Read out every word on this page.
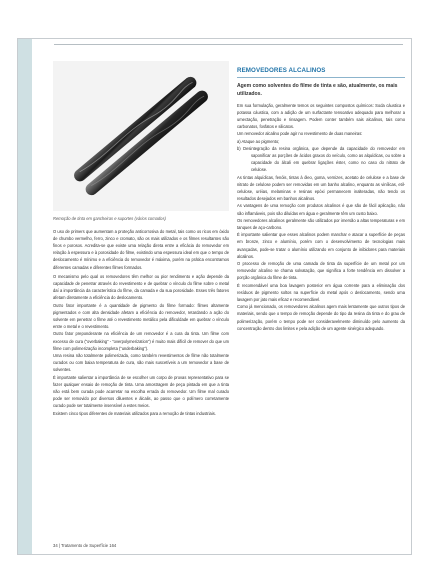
Remoção de tinta em gancheiras e suportes (vários comados)

O uso de primers que aumentam a proteção anticorrosiva do metal, tais como os ricos em óxido de chumbo vermelho, ferro, zinco e cromato, são os mais utilizados e os filmes resultantes são finos e porosos. Acredita-se que existe uma relação direta entre a eficácia do removedor em relação à espessura e à porosidade do filme, existindo uma espessura ideal em que o tempo de deslocamento é mínimo e a eficiência do removedor é máxima, porém na prática encontramos diferentes camadas e diferentes filmes formados.

O mecanismo pelo qual os removedores têm melhor ou pior rendimento e ação depende da capacidade de penetrar através do revestimento e de quebrar o vínculo do filme sobre o metal daí a importância da característica do filme, da camada e da sua porosidade. Esses três fatores afetam diretamente a eficiência do deslocamento.

Outro fator importante é a quantidade de pigmento do filme formado: filmes altamente pigmentados e com alta densidade afetam a eficiência do removedor, retardando a ação do solvente em penetrar o filme até o revestimento metálico pela dificuldade em quebrar o vínculo entre o metal e o revestimento.

Outro fator preponderante na eficiência de um removedor é a cura da tinta. Um filme com excesso de cura (“overbaking” - “overpolymerization”) é muito mais difícil de remover do que um filme com polimerização incompleta (“underbaking”).

Uma resina não totalmente polimerizada, como também revestimentos de filme não totalmente curados ou com baixa temperatura de cura, são mais suscetíveis a um removedor a base de solventes.

É importante salientar a importância de se escolher um corpo de provas representativo para se fazer qualquer ensaio de remoção de tinta. Uma amostragem de peça pintada em que a tinta não está bem curada pode acarretar na escolha errada do removedor. Um filme mal curado pode ser removido por diversos diluentes e álcalis, ao passo que o polímero corretamente curado pode ser totalmente insensível a estes meios.

Existem cinco tipos diferentes de materiais utilizados para a remoção de tintas industriais.

REMOVEDORES ALCALINOS

Agem como solventes do filme de tinta e são, atualmente, os mais utilizados.

Em sua formulação, geralmente temos os seguintes compostos químicos: Soda cáustica e potassa cáustica, com a adição de um surfactante tensoativo adequado para melhorar a umectação, penetração e rinsagem. Podem conter também sais alcalinos, tais como carbonatos, fosfatos e silicatos.

Um removedor alcalino pode agir no revestimento de duas maneiras:

a) Ataque ao pigmento;
b) Desintegração da resina orgânica, que depende da capacidade do removedor em saponificar as porções de ácidos graxos do veículo, como as alquídicas, ou sobre a capacidade do álcali em quebrar ligações éster, como no caso do nitrato de celulose.

As tintas alquídicas, fenóis, tintas à óleo, goma, vernizes, acetato de celulose e a base de nitrato de celulose podem ser removidas em um banho alcalino, enquanto as vinílicas, etil-celulose, uréias, melaminas e resinas epóxi permanecem inalteradas, não tendo os resultados desejados em banhos alcalinos.

As vantagens de uma remoção com produtos alcalinos é que são de fácil aplicação, não são inflamáveis, pois são diluídas em água e geralmente têm um custo baixo.

Os removedores alcalinos geralmente são utilizados por imersão a altas temperaturas e em tanques de aço-carbono.

É importante salientar que esses alcalinos podem manchar e atacar a superfície de peças em bronze, zinco e alumínio, porém com o desenvolvimento de tecnologias mais avançadas, pode-se tratar o alumínio utilizando em conjunto de inibidores para materiais alcalinos.

O processo de remoção de uma camada de tinta da superfície de um metal por um removedor alcalino se chama solvatação, que significa a forte tendência em dissolver a porção orgânica do filme de tinta.

É recomendável uma boa lavagem posterior em água corrente para a eliminação dos resíduos de pigmento soltos na superfície do metal após o deslocamento, sendo uma lavagem por jato mais eficaz e recomendável.

Como já mencionado, os removedores alcalinos agem mais lentamente que outros tipos de materiais, sendo que o tempo de remoção depende do tipo da resina da tinta e do grau de polimerização, porém o tempo pode ser consideravelmente diminuído pelo aumento da concentração dentro dos limites e pela adição de um agente sinérgico adequado.

34 | Tratamento de Superfície 164
